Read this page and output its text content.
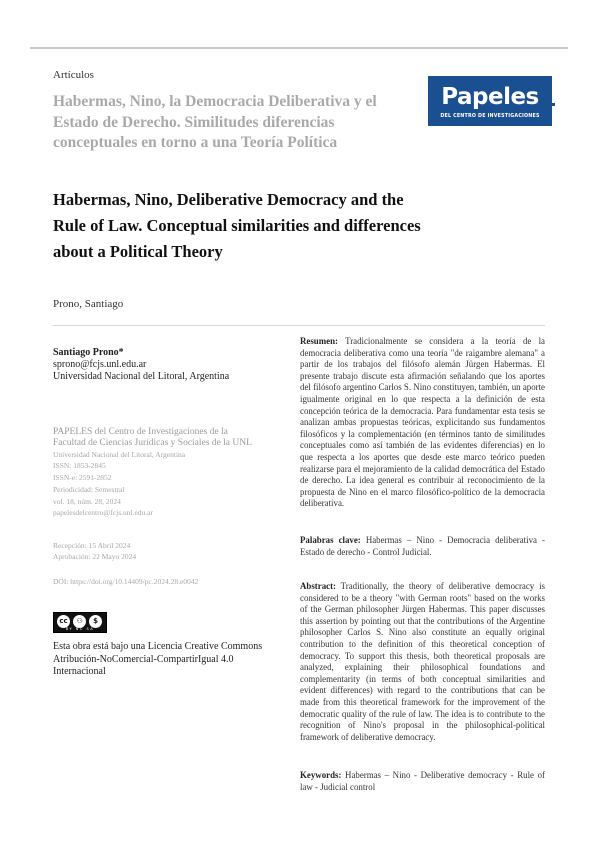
Artículos
Habermas, Nino, la Democracia Deliberativa y el Estado de Derecho. Similitudes diferencias conceptuales en torno a una Teoría Política
Papeles
DEL CENTRO DE INVESTIGACIONES
Habermas, Nino, Deliberative Democracy and the Rule of Law. Conceptual similarities and differences about a Political Theory
Prono, Santiago
Santiago Prono*
sprono@fcjs.unl.edu.ar
Universidad Nacional del Litoral, Argentina
PAPELES del Centro de Investigaciones de la
Facultad de Ciencias Jurídicas y Sociales de la UNL
Universidad Nacional del Litoral, Argentina
ISSN: 1853-2845
ISSN-e: 2591-2852
Periodicidad: Semestral
vol. 18, núm. 28, 2024
papelesdelcentro@fcjs.unl.edu.ar
Recepción: 15 Abril 2024
Aprobación: 22 Mayo 2024
DOI: https://doi.org/10.14409/pc.2024.28.e0042
cc	⚇	$
BY NC SA
Esta obra está bajo una Licencia Creative Commons Atribución-NoComercial-CompartirIgual 4.0 Internacional
Resumen: Tradicionalmente se considera a la teoría de la democracia deliberativa como una teoría "de raigambre alemana" a partir de los trabajos del filósofo alemán Jürgen Habermas. El presente trabajo discute esta afirmación señalando que los aportes del filósofo argentino Carlos S. Nino constituyen, también, un aporte igualmente original en lo que respecta a la definición de esta concepción teórica de la democracia. Para fundamentar esta tesis se analizan ambas propuestas teóricas, explicitando sus fundamentos filosóficos y la complementación (en términos tanto de similitudes conceptuales como así también de las evidentes diferencias) en lo que respecta a los aportes que desde este marco teórico pueden realizarse para el mejoramiento de la calidad democrática del Estado de derecho. La idea general es contribuir al reconocimiento de la propuesta de Nino en el marco filosófico-político de la democracia deliberativa.
Palabras clave: Habermas – Nino - Democracia deliberativa - Estado de derecho - Control Judicial.
Abstract: Traditionally, the theory of deliberative democracy is considered to be a theory "with German roots" based on the works of the German philosopher Jürgen Habermas. This paper discusses this assertion by pointing out that the contributions of the Argentine philosopher Carlos S. Nino also constitute an equally original contribution to the definition of this theoretical conception of democracy. To support this thesis, both theoretical proposals are analyzed, explaining their philosophical foundations and complementarity (in terms of both conceptual similarities and evident differences) with regard to the contributions that can be made from this theoretical framework for the improvement of the democratic quality of the rule of law. The idea is to contribute to the recognition of Nino's proposal in the philosophical-political framework of deliberative democracy.
Keywords: Habermas – Nino - Deliberative democracy - Rule of law - Judicial control
